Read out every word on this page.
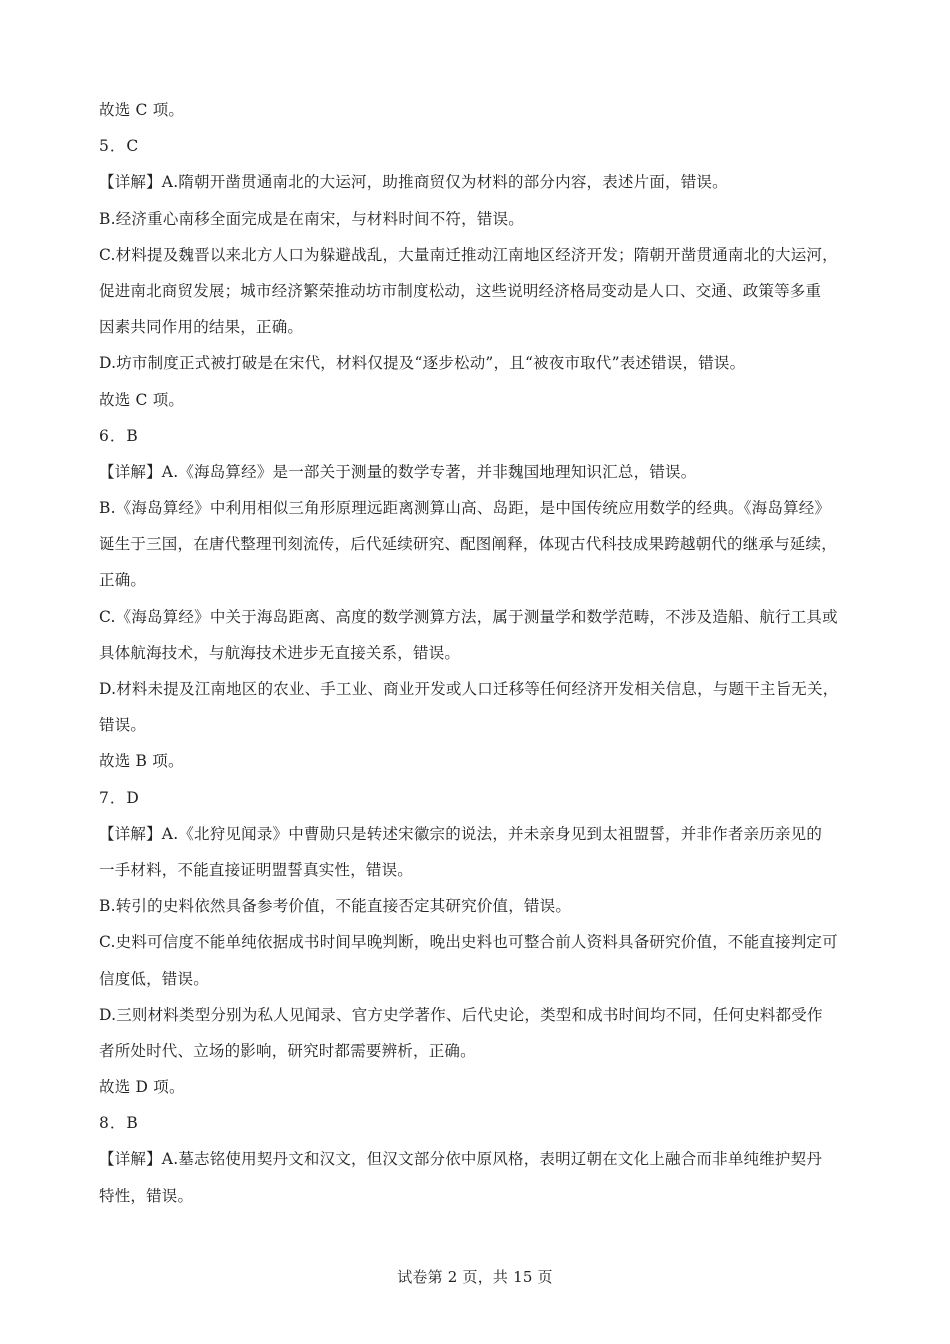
故选 C 项。
5．C
【详解】A.隋朝开凿贯通南北的大运河，助推商贸仅为材料的部分内容，表述片面，错误。
B.经济重心南移全面完成是在南宋，与材料时间不符，错误。
C.材料提及魏晋以来北方人口为躲避战乱，大量南迁推动江南地区经济开发；隋朝开凿贯通南北的大运河，
促进南北商贸发展；城市经济繁荣推动坊市制度松动，这些说明经济格局变动是人口、交通、政策等多重
因素共同作用的结果，正确。
D.坊市制度正式被打破是在宋代，材料仅提及“逐步松动”，且“被夜市取代”表述错误，错误。
故选 C 项。
6．B
【详解】A.《海岛算经》是一部关于测量的数学专著，并非魏国地理知识汇总，错误。
B.《海岛算经》中利用相似三角形原理远距离测算山高、岛距，是中国传统应用数学的经典。《海岛算经》
诞生于三国，在唐代整理刊刻流传，后代延续研究、配图阐释，体现古代科技成果跨越朝代的继承与延续，
正确。
C.《海岛算经》中关于海岛距离、高度的数学测算方法，属于测量学和数学范畴，不涉及造船、航行工具或
具体航海技术，与航海技术进步无直接关系，错误。
D.材料未提及江南地区的农业、手工业、商业开发或人口迁移等任何经济开发相关信息，与题干主旨无关，
错误。
故选 B 项。
7．D
【详解】A.《北狩见闻录》中曹勋只是转述宋徽宗的说法，并未亲身见到太祖盟誓，并非作者亲历亲见的
一手材料，不能直接证明盟誓真实性，错误。
B.转引的史料依然具备参考价值，不能直接否定其研究价值，错误。
C.史料可信度不能单纯依据成书时间早晚判断，晚出史料也可整合前人资料具备研究价值，不能直接判定可
信度低，错误。
D.三则材料类型分别为私人见闻录、官方史学著作、后代史论，类型和成书时间均不同，任何史料都受作
者所处时代、立场的影响，研究时都需要辨析，正确。
故选 D 项。
8．B
【详解】A.墓志铭使用契丹文和汉文，但汉文部分依中原风格，表明辽朝在文化上融合而非单纯维护契丹
特性，错误。
试卷第 2 页，共 15 页
